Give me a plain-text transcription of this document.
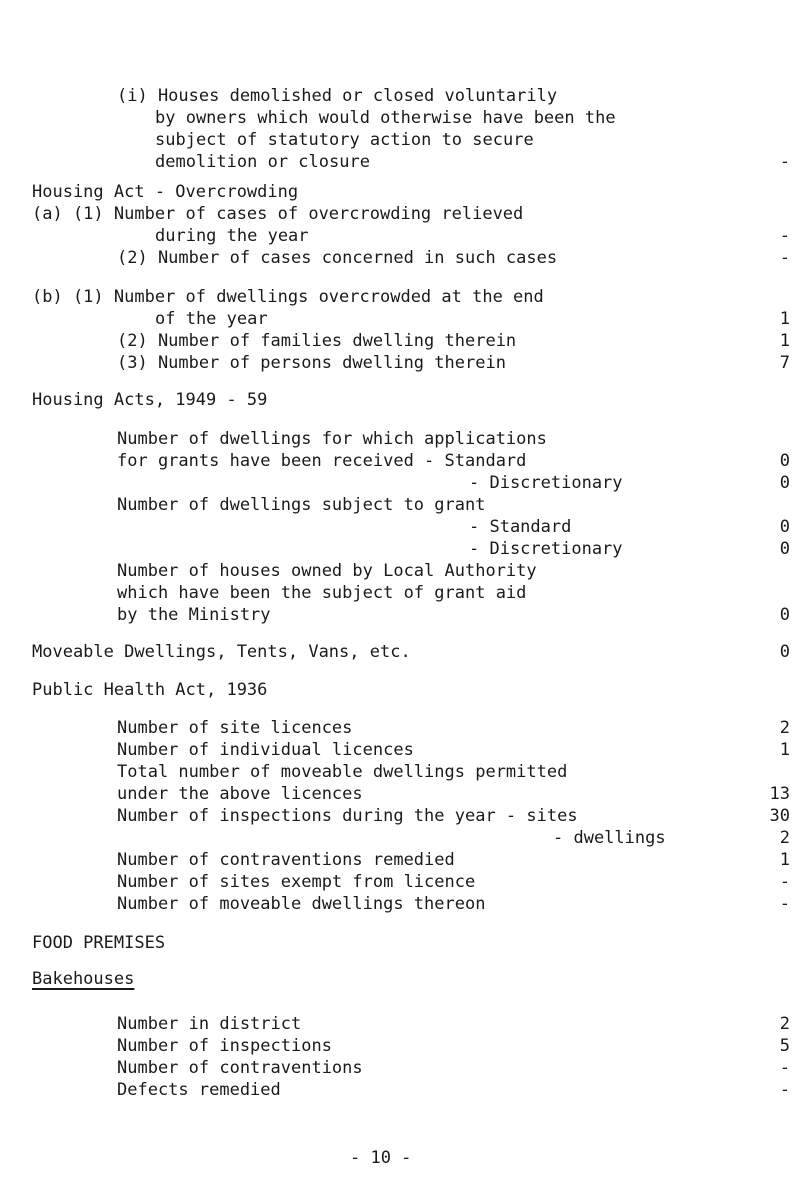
(i) Houses demolished or closed voluntarily
by owners which would otherwise have been the
subject of statutory action to secure
demolition or closure	-
Housing Act - Overcrowding
(a) (1) Number of cases of overcrowding relieved
during the year	-
(2) Number of cases concerned in such cases	-
(b) (1) Number of dwellings overcrowded at the end
of the year	1
(2) Number of families dwelling therein	1
(3) Number of persons dwelling therein	7
Housing Acts, 1949 - 59
Number of dwellings for which applications
for grants have been received - Standard	0
- Discretionary	0
Number of dwellings subject to grant
- Standard	0
- Discretionary	0
Number of houses owned by Local Authority
which have been the subject of grant aid
by the Ministry	0
Moveable Dwellings, Tents, Vans, etc.	0
Public Health Act, 1936
Number of site licences	2
Number of individual licences	1
Total number of moveable dwellings permitted
under the above licences	13
Number of inspections during the year - sites	30
- dwellings	2
Number of contraventions remedied	1
Number of sites exempt from licence	-
Number of moveable dwellings thereon	-
FOOD PREMISES
Bakehouses
Number in district	2
Number of inspections	5
Number of contraventions	-
Defects remedied	-
- 10 -
